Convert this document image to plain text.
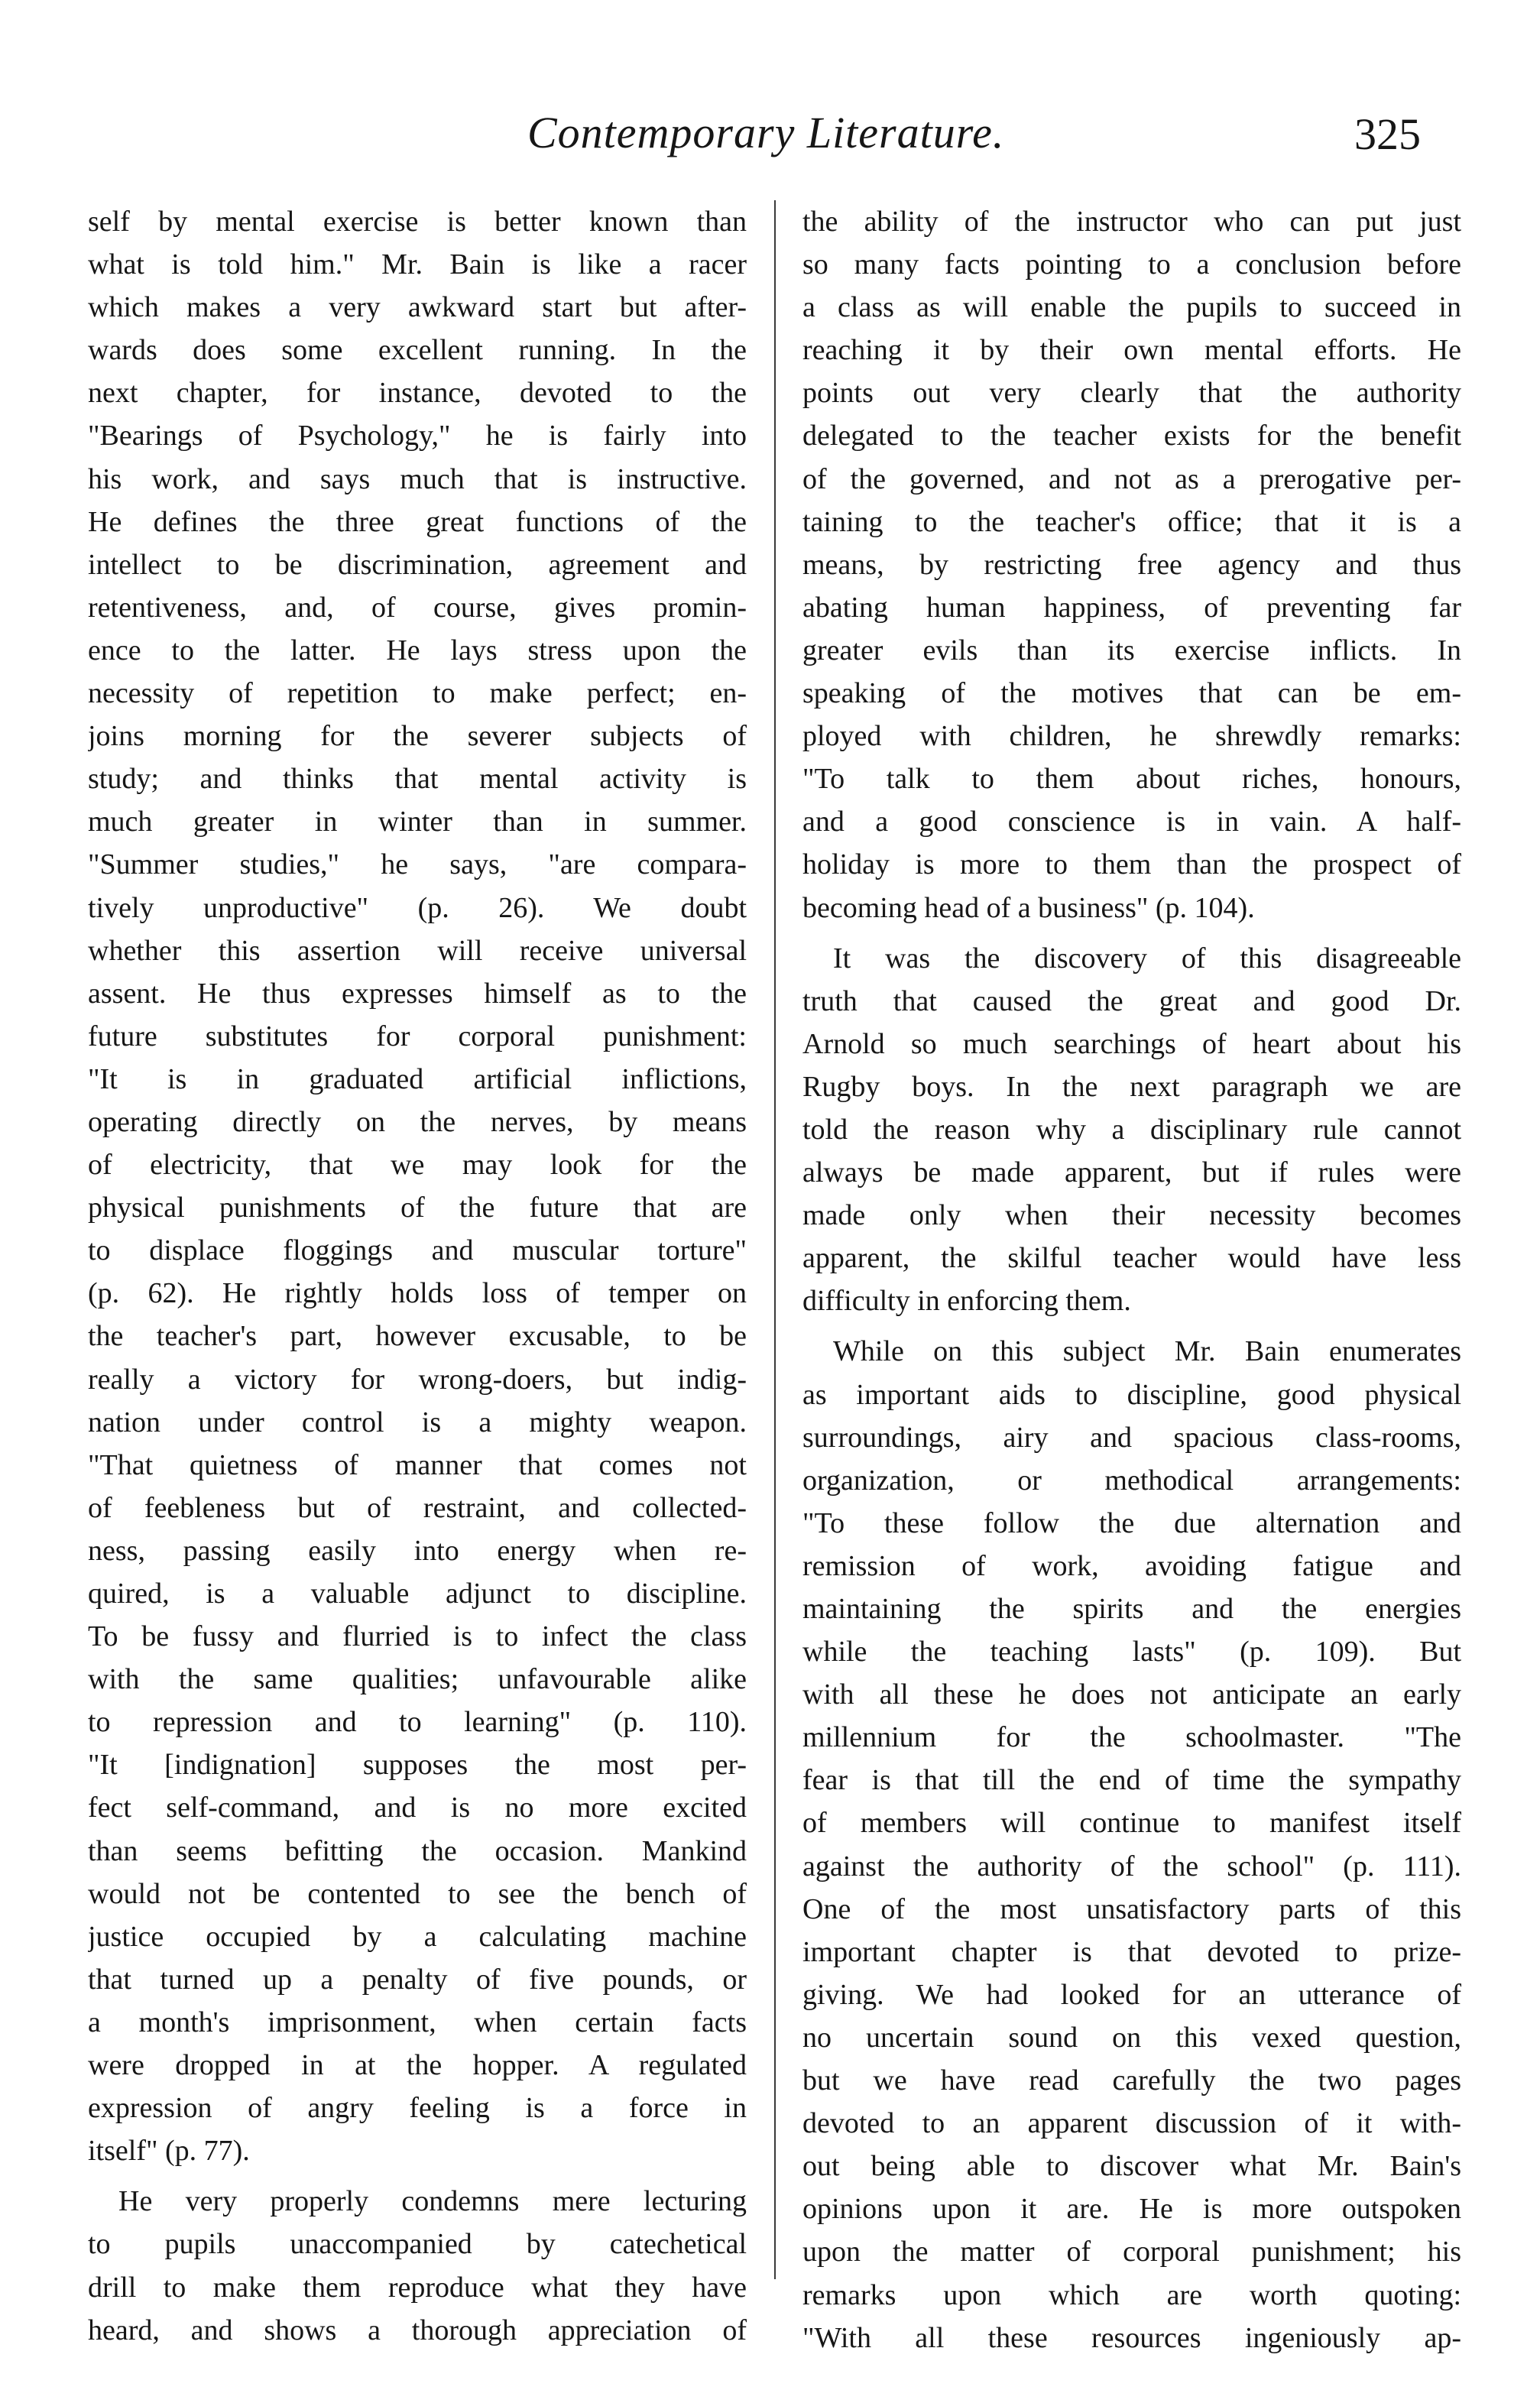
Contemporary Literature.	325
self by mental exercise is better known than
what is told him." Mr. Bain is like a racer
which makes a very awkward start but after-
wards does some excellent running. In the
next chapter, for instance, devoted to the
"Bearings of Psychology," he is fairly into
his work, and says much that is instructive.
He defines the three great functions of the
intellect to be discrimination, agreement and
retentiveness, and, of course, gives promin-
ence to the latter. He lays stress upon the
necessity of repetition to make perfect; en-
joins morning for the severer subjects of
study; and thinks that mental activity is
much greater in winter than in summer.
"Summer studies," he says, "are compara-
tively unproductive" (p. 26). We doubt
whether this assertion will receive universal
assent. He thus expresses himself as to the
future substitutes for corporal punishment:
"It is in graduated artificial inflictions,
operating directly on the nerves, by means
of electricity, that we may look for the
physical punishments of the future that are
to displace floggings and muscular torture"
(p. 62). He rightly holds loss of temper on
the teacher's part, however excusable, to be
really a victory for wrong-doers, but indig-
nation under control is a mighty weapon.
"That quietness of manner that comes not
of feebleness but of restraint, and collected-
ness, passing easily into energy when re-
quired, is a valuable adjunct to discipline.
To be fussy and flurried is to infect the class
with the same qualities; unfavourable alike
to repression and to learning" (p. 110).
"It [indignation] supposes the most per-
fect self-command, and is no more excited
than seems befitting the occasion. Mankind
would not be contented to see the bench of
justice occupied by a calculating machine
that turned up a penalty of five pounds, or
a month's imprisonment, when certain facts
were dropped in at the hopper. A regulated
expression of angry feeling is a force in
itself" (p. 77).
He very properly condemns mere lecturing
to pupils unaccompanied by catechetical
drill to make them reproduce what they have
heard, and shows a thorough appreciation of
the ability of the instructor who can put just
so many facts pointing to a conclusion before
a class as will enable the pupils to succeed in
reaching it by their own mental efforts. He
points out very clearly that the authority
delegated to the teacher exists for the benefit
of the governed, and not as a prerogative per-
taining to the teacher's office; that it is a
means, by restricting free agency and thus
abating human happiness, of preventing far
greater evils than its exercise inflicts. In
speaking of the motives that can be em-
ployed with children, he shrewdly remarks:
"To talk to them about riches, honours,
and a good conscience is in vain. A half-
holiday is more to them than the prospect of
becoming head of a business" (p. 104).
It was the discovery of this disagreeable
truth that caused the great and good Dr.
Arnold so much searchings of heart about his
Rugby boys. In the next paragraph we are
told the reason why a disciplinary rule cannot
always be made apparent, but if rules were
made only when their necessity becomes
apparent, the skilful teacher would have less
difficulty in enforcing them.
While on this subject Mr. Bain enumerates
as important aids to discipline, good physical
surroundings, airy and spacious class-rooms,
organization, or methodical arrangements:
"To these follow the due alternation and
remission of work, avoiding fatigue and
maintaining the spirits and the energies
while the teaching lasts" (p. 109). But
with all these he does not anticipate an early
millennium for the schoolmaster. "The
fear is that till the end of time the sympathy
of members will continue to manifest itself
against the authority of the school" (p. 111).
One of the most unsatisfactory parts of this
important chapter is that devoted to prize-
giving. We had looked for an utterance of
no uncertain sound on this vexed question,
but we have read carefully the two pages
devoted to an apparent discussion of it with-
out being able to discover what Mr. Bain's
opinions upon it are. He is more outspoken
upon the matter of corporal punishment; his
remarks upon which are worth quoting:
"With all these resources ingeniously ap-
